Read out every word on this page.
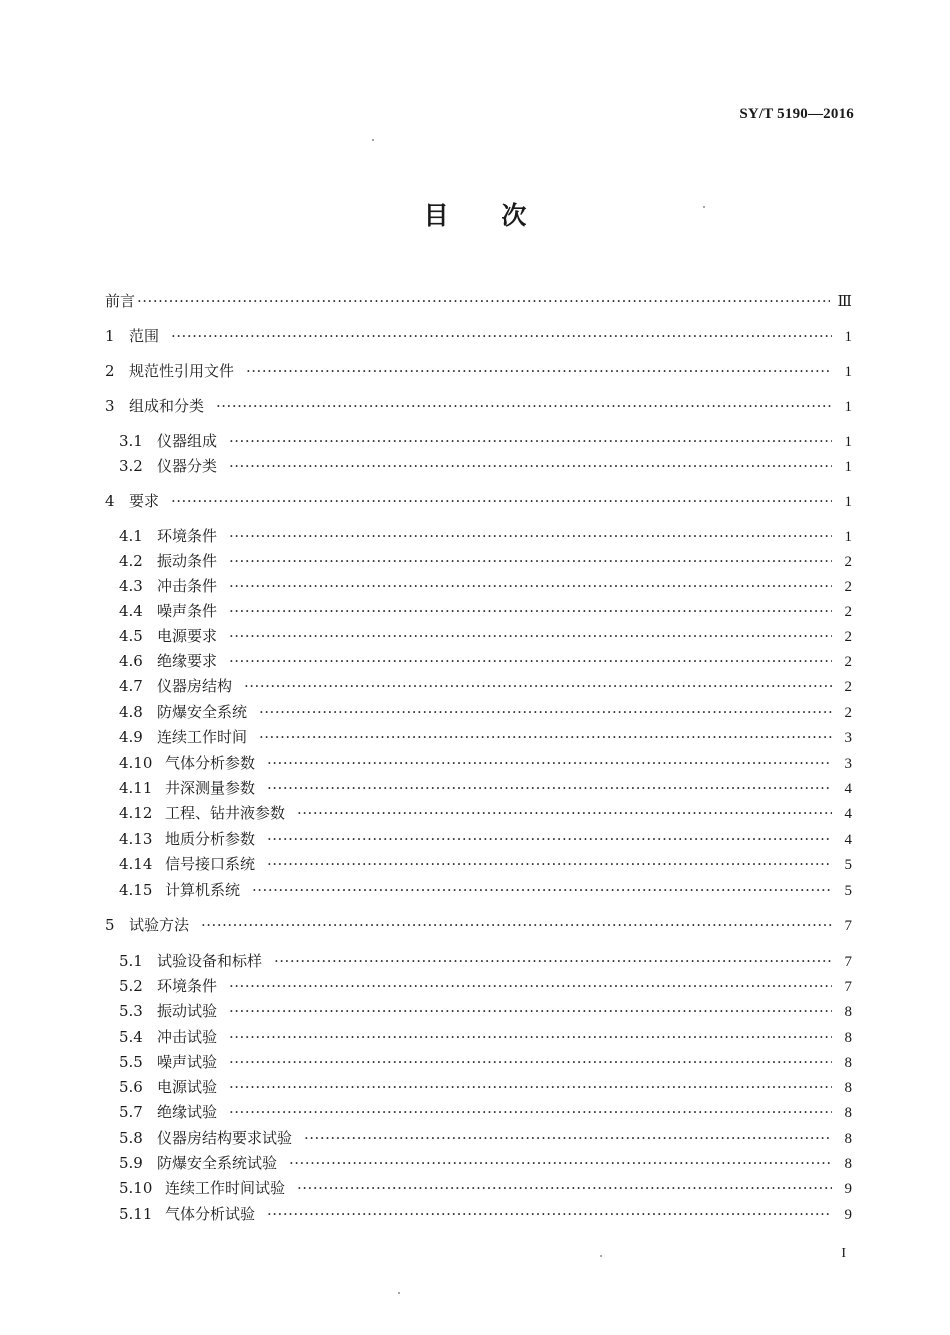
SY/T 5190—2016
目 次
前言 ·····	Ⅲ
1 范围 ·····	1
2 规范性引用文件 ·····	1
3 组成和分类 ·····	1
3.1 仪器组成 ·····	1
3.2 仪器分类 ·····	1
4 要求 ·····	1
4.1 环境条件 ·····	1
4.2 振动条件 ·····	2
4.3 冲击条件 ·····	2
4.4 噪声条件 ·····	2
4.5 电源要求 ·····	2
4.6 绝缘要求 ·····	2
4.7 仪器房结构 ·····	2
4.8 防爆安全系统 ·····	2
4.9 连续工作时间 ·····	3
4.10 气体分析参数 ·····	3
4.11 井深测量参数 ·····	4
4.12 工程、钻井液参数 ·····	4
4.13 地质分析参数 ·····	4
4.14 信号接口系统 ·····	5
4.15 计算机系统 ·····	5
5 试验方法 ·····	7
5.1 试验设备和标样 ·····	7
5.2 环境条件 ·····	7
5.3 振动试验 ·····	8
5.4 冲击试验 ·····	8
5.5 噪声试验 ·····	8
5.6 电源试验 ·····	8
5.7 绝缘试验 ·····	8
5.8 仪器房结构要求试验 ·····	8
5.9 防爆安全系统试验 ·····	8
5.10 连续工作时间试验 ·····	9
5.11 气体分析试验 ·····	9
I
